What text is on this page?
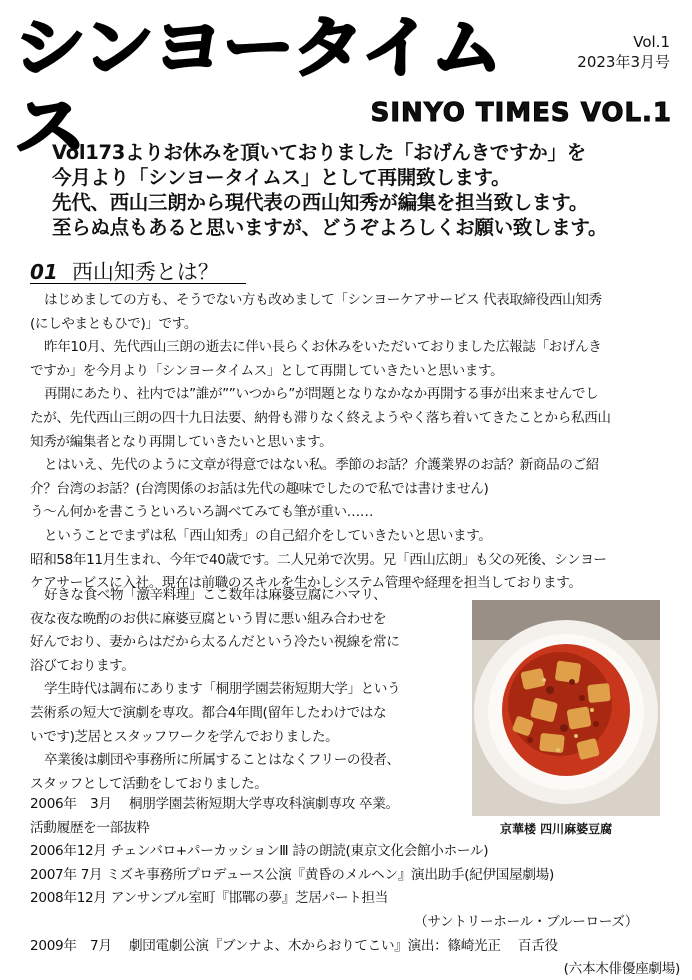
シンヨータイムス
Vol.1
2023年3月号
SINYO TIMES VOL.1

Vol173よりお休みを頂いておりました「おげんきですか」を

今月より「シンヨータイムス」として再開致します。

先代、西山三朗から現代表の西山知秀が編集を担当致します。

至らぬ点もあると思いますが、どうぞよろしくお願い致します。

01 西山知秀とは？

はじめましての方も、そうでない方も改めまして「シンヨーケアサービス 代表取締役西山知秀

(にしやまともひで)」です。

昨年10月、先代西山三朗の逝去に伴い長らくお休みをいただいておりました広報誌「おげんき

ですか」を今月より「シンヨータイムス」として再開していきたいと思います。

再開にあたり、社内では”誰が””いつから”が問題となりなかなか再開する事が出来ませんでし

たが、先代西山三朗の四十九日法要、納骨も滞りなく終えようやく落ち着いてきたことから私西山

知秀が編集者となり再開していきたいと思います。

とはいえ、先代のように文章が得意ではない私。季節のお話？介護業界のお話？新商品のご紹

介？台湾のお話？(台湾関係のお話は先代の趣味でしたので私では書けません)

う〜ん何かを書こうといろいろ調べてみても筆が重い……

ということでまずは私「西山知秀」の自己紹介をしていきたいと思います。

昭和58年11月生まれ、今年で40歳です。二人兄弟で次男。兄「西山広朗」も父の死後、シンヨー

ケアサービスに入社。現在は前職のスキルを生かしシステム管理や経理を担当しております。

好きな食べ物「激辛料理」ここ数年は麻婆豆腐にハマリ、

夜な夜な晩酌のお供に麻婆豆腐という胃に悪い組み合わせを

好んでおり、妻からはだから太るんだという冷たい視線を常に

浴びております。

学生時代は調布にあります「桐朋学園芸術短期大学」という

芸術系の短大で演劇を専攻。都合4年間(留年したわけではな

いです)芝居とスタッフワークを学んでおりました。

卒業後は劇団や事務所に所属することはなくフリーの役者、

スタッフとして活動をしておりました。

京華楼 四川麻婆豆腐

2006年　3月　 桐朋学園芸術短期大学専攻科演劇専攻 卒業。

活動履歴を一部抜粋

2006年12月 チェンバロ+パーカッションⅢ 詩の朗読(東京文化会館小ホール)

2007年 7月 ミズキ事務所プロデュース公演『黄昏のメルヘン』演出助手(紀伊国屋劇場)

2008年12月 アンサンブル室町『邯鄲の夢』芝居パート担当

（サントリーホール・ブルーローズ）

2009年　7月　 劇団電劇公演『ブンナよ、木からおりてこい』演出：篠崎光正　 百舌役

(六本木俳優座劇場)
